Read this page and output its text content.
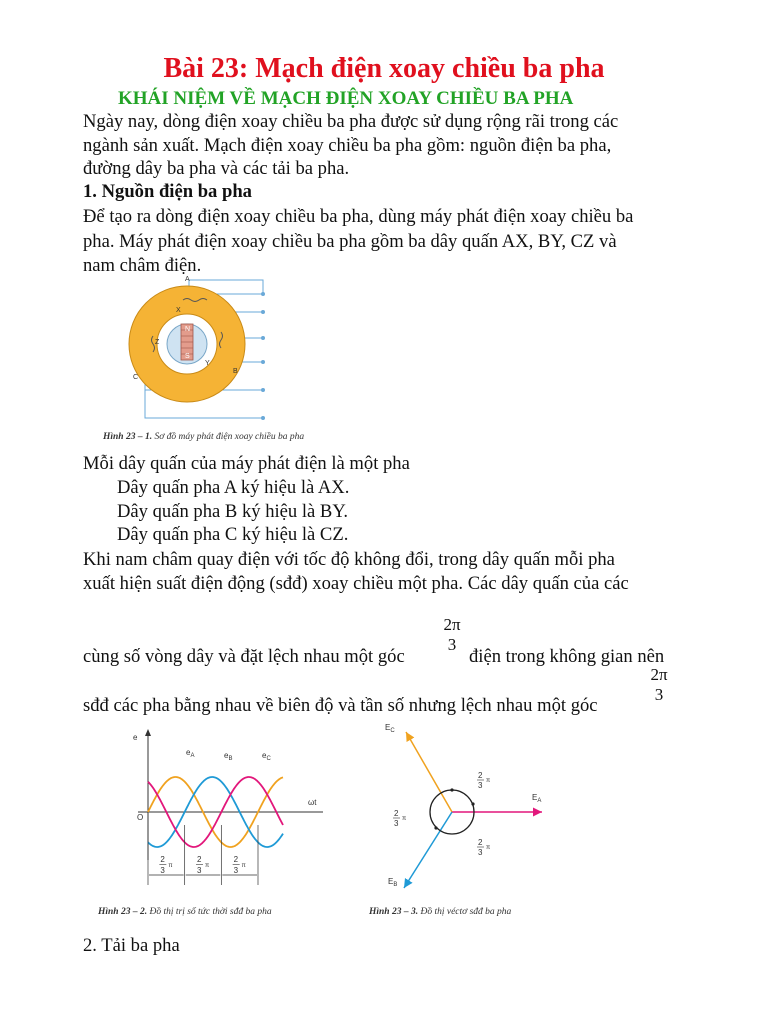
Bài 23: Mạch điện xoay chiều ba pha
KHÁI NIỆM VỀ MẠCH ĐIỆN XOAY CHIỀU BA PHA
Ngày nay, dòng điện xoay chiều ba pha được sử dụng rộng rãi trong các
ngành sản xuất. Mạch điện xoay chiều ba pha gồm: nguồn điện ba pha,
đường dây ba pha và các tải ba pha.
1. Nguồn điện ba pha
Để tạo ra dòng điện xoay chiều ba pha, dùng máy phát điện xoay chiều ba
pha. Máy phát điện xoay chiều ba pha gồm ba dây quấn AX, BY, CZ và
nam châm điện.
A
X
N
S
Z
Y
C
B
Hình 23 – 1. Sơ đồ máy phát điện xoay chiều ba pha
Mỗi dây quấn của máy phát điện là một pha
Dây quấn pha A ký hiệu là AX.
Dây quấn pha B ký hiệu là BY.
Dây quấn pha C ký hiệu là CZ.
Khi nam châm quay điện với tốc độ không đổi, trong dây quấn mỗi pha
xuất hiện suất điện động (sđđ) xoay chiều một pha. Các dây quấn của các
cùng số vòng dây và đặt lệch nhau một góc
2π
3
điện trong không gian nên
sđđ các pha bằng nhau về biên độ và tần số nhưng lệch nhau một góc
2π
3
e
ωt
O
$e_A$	$e_B$	$e_C$
2
3 π
2
3 π
2
3 π
Hình 23 – 2. Đồ thị trị số tức thời sđđ ba pha
$E_C$
$E_A$
$E_B$
2 3 π
2 3 π
2 3 π
Hình 23 – 3. Đồ thị véctơ sđđ ba pha
2. Tải ba pha
